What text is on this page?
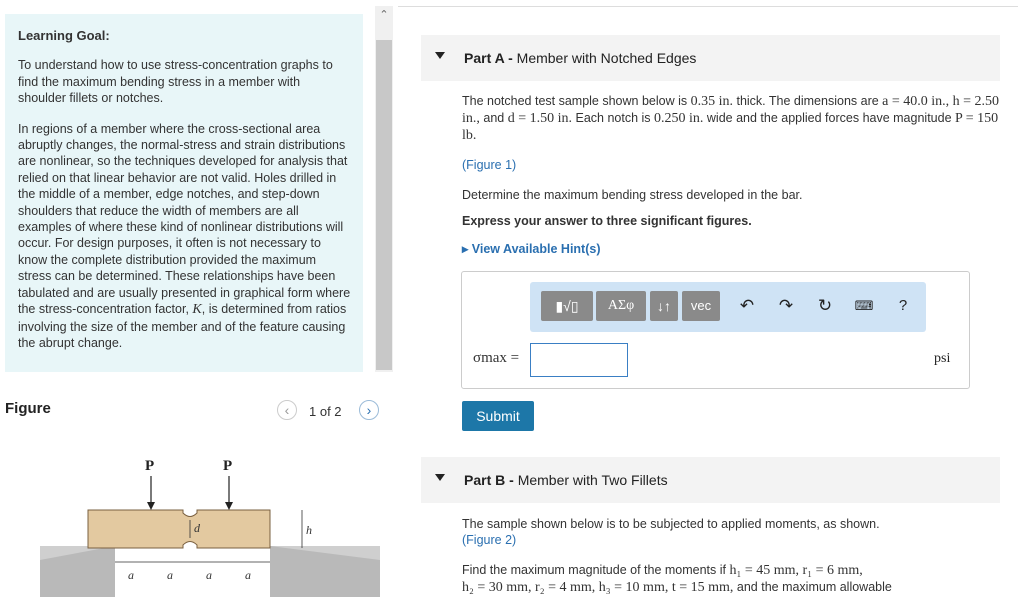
Learning Goal:

To understand how to use stress-concentration graphs to find the maximum bending stress in a member with shoulder fillets or notches.

In regions of a member where the cross-sectional area abruptly changes, the normal-stress and strain distributions are nonlinear, so the techniques developed for analysis that relied on that linear behavior are not valid. Holes drilled in the middle of a member, edge notches, and step-down shoulders that reduce the width of members are all examples of where these kind of nonlinear distributions will occur. For design purposes, it often is not necessary to know the complete distribution provided the maximum stress can be determined. These relationships have been tabulated and are usually presented in graphical form where the stress-concentration factor, K, is determined from ratios involving the size of the member and of the feature causing the abrupt change.

⌃
Figure	‹	1 of 2	›
P	P
d	h
a	a	a	a
Part A - Member with Notched Edges
The notched test sample shown below is 0.35 in. thick. The dimensions are a = 40.0 in., h = 2.50 in., and d = 1.50 in. Each notch is 0.250 in. wide and the applied forces have magnitude P = 150 lb.
(Figure 1)
Determine the maximum bending stress developed in the bar.
Express your answer to three significant figures.
▸ View Available Hint(s)
▮√▯	ΑΣφ	↓↑	vec	↶ ↷ ↻ ⌨	?
σmax =	psi
Submit
Part B - Member with Two Fillets
The sample shown below is to be subjected to applied moments, as shown.
(Figure 2)
Find the maximum magnitude of the moments if h₁ = 45 mm, r₁ = 6 mm,
h₂ = 30 mm, r₂ = 4 mm, h₃ = 10 mm, t = 15 mm, and the maximum allowable
